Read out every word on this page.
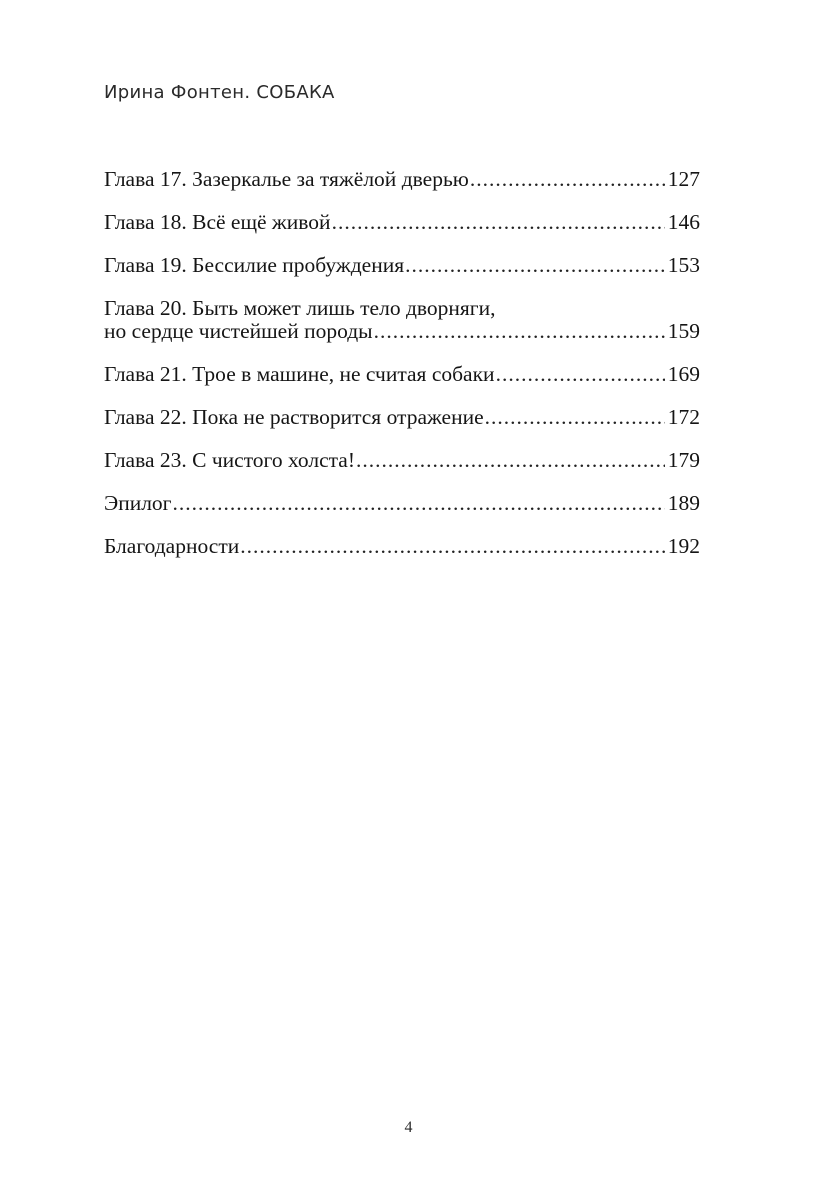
Ирина Фонтен. СОБАКА
Глава 17. Зазеркалье за тяжёлой дверью .....	127
Глава 18. Всё ещё живой .....	146
Глава 19. Бессилие пробуждения .....	153
Глава 20. Быть может лишь тело дворняги,
но сердце чистейшей породы .....	159
Глава 21. Трое в машине, не считая собаки .....	169
Глава 22. Пока не растворится отражение .....	172
Глава 23. С чистого холста! .....	179
Эпилог .....	189
Благодарности .....	192
4
